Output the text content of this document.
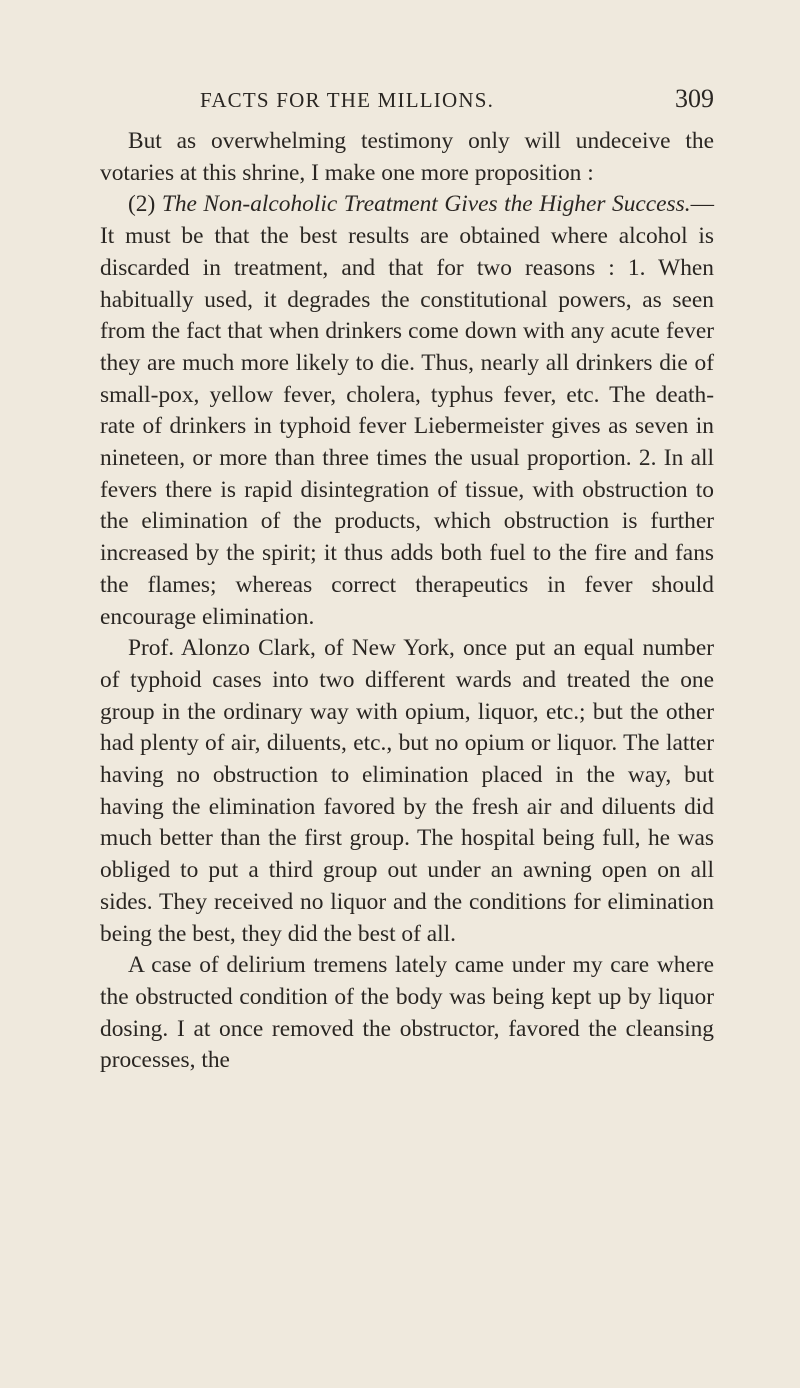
FACTS FOR THE MILLIONS.	309

But as overwhelming testimony only will undeceive the votaries at this shrine, I make one more proposition :

(2) The Non-alcoholic Treatment Gives the Higher Success.—It must be that the best results are obtained where alcohol is discarded in treatment, and that for two reasons : 1. When habitually used, it degrades the constitutional powers, as seen from the fact that when drinkers come down with any acute fever they are much more likely to die. Thus, nearly all drinkers die of small-pox, yellow fever, cholera, typhus fever, etc. The death-rate of drinkers in typhoid fever Liebermeister gives as seven in nineteen, or more than three times the usual proportion. 2. In all fevers there is rapid disintegration of tissue, with obstruction to the elimination of the products, which obstruction is further increased by the spirit; it thus adds both fuel to the fire and fans the flames; whereas correct therapeutics in fever should encourage elimination.

Prof. Alonzo Clark, of New York, once put an equal number of typhoid cases into two different wards and treated the one group in the ordinary way with opium, liquor, etc.; but the other had plenty of air, diluents, etc., but no opium or liquor. The latter having no obstruction to elimination placed in the way, but having the elimination favored by the fresh air and diluents did much better than the first group. The hospital being full, he was obliged to put a third group out under an awning open on all sides. They received no liquor and the conditions for elimination being the best, they did the best of all.

A case of delirium tremens lately came under my care where the obstructed condition of the body was being kept up by liquor dosing. I at once removed the obstructor, favored the cleansing processes, the
